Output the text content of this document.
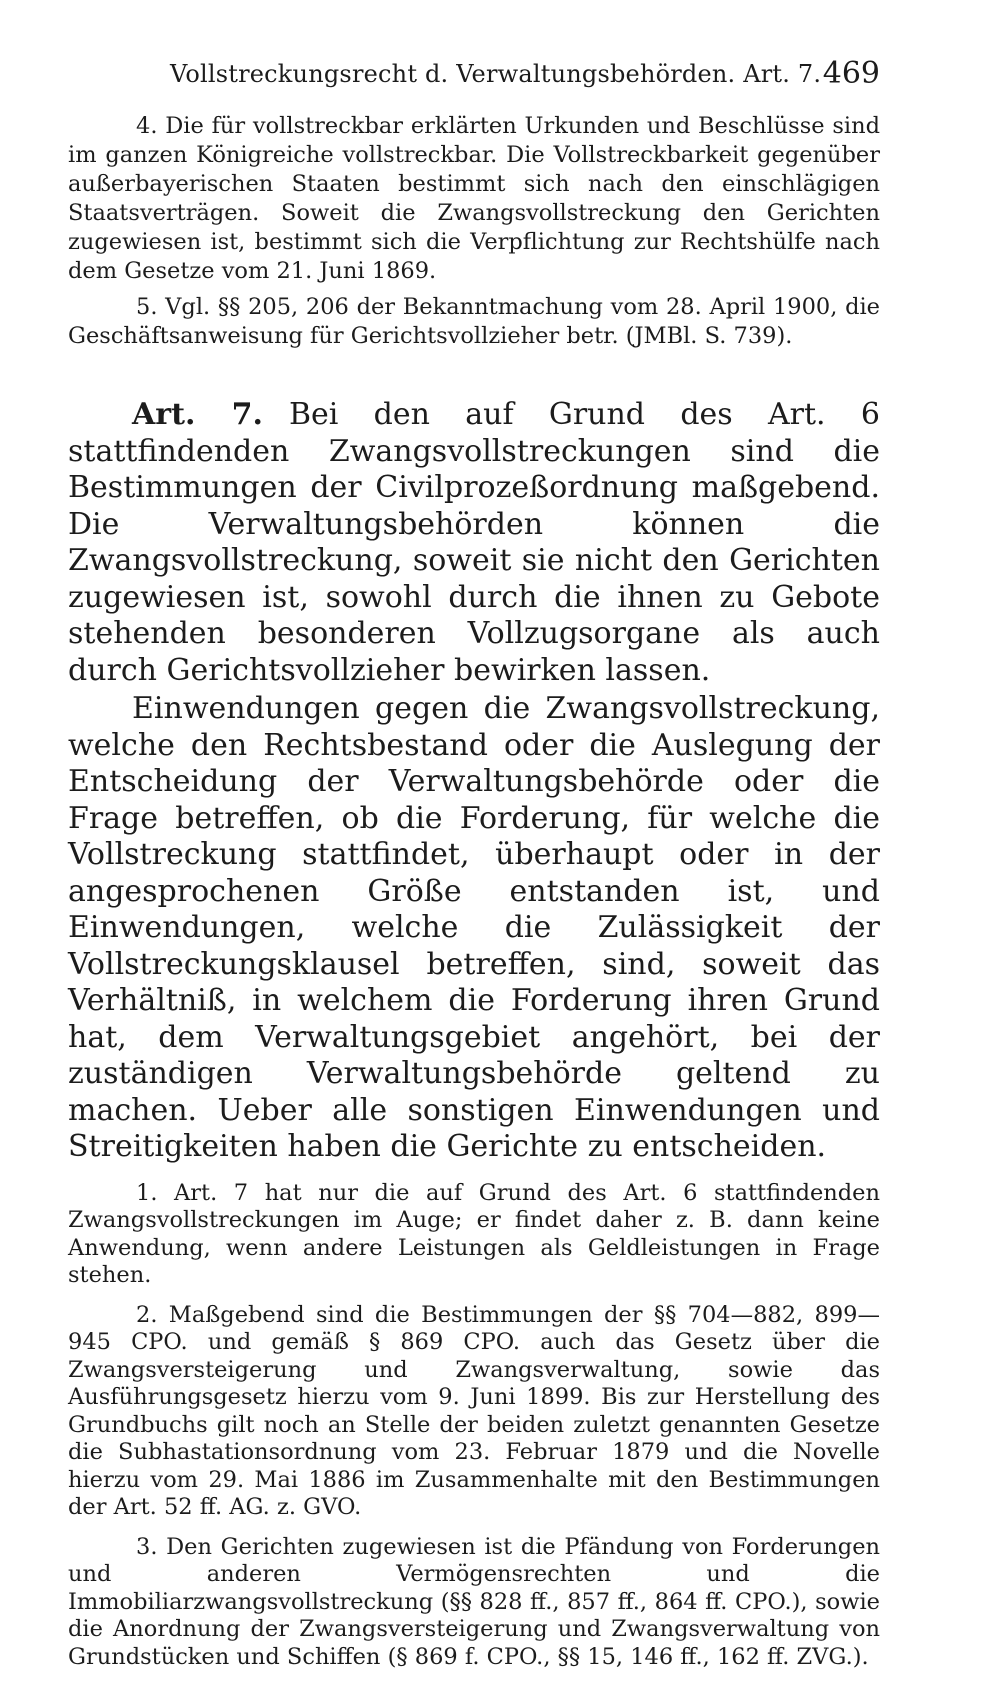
Vollstreckungsrecht d. Verwaltungsbehörden. Art. 7. 469

4. Die für vollstreckbar erklärten Urkunden und Beschlüsse sind im ganzen Königreiche vollstreckbar. Die Vollstreckbarkeit gegenüber außerbayerischen Staaten bestimmt sich nach den einschlägigen Staatsverträgen. Soweit die Zwangsvollstreckung den Gerichten zugewiesen ist, bestimmt sich die Verpflichtung zur Rechtshülfe nach dem Gesetze vom 21. Juni 1869.

5. Vgl. §§ 205, 206 der Bekanntmachung vom 28. April 1900, die Geschäftsanweisung für Gerichtsvollzieher betr. (JMBl. S. 739).

Art. 7. Bei den auf Grund des Art. 6 stattfindenden Zwangsvollstreckungen sind die Bestimmungen der Civilprozeßordnung maßgebend. Die Verwaltungsbehörden können die Zwangsvollstreckung, soweit sie nicht den Gerichten zugewiesen ist, sowohl durch die ihnen zu Gebote stehenden besonderen Vollzugsorgane als auch durch Gerichtsvollzieher bewirken lassen.

Einwendungen gegen die Zwangsvollstreckung, welche den Rechtsbestand oder die Auslegung der Entscheidung der Verwaltungsbehörde oder die Frage betreffen, ob die Forderung, für welche die Vollstreckung stattfindet, überhaupt oder in der angesprochenen Größe entstanden ist, und Einwendungen, welche die Zulässigkeit der Vollstreckungsklausel betreffen, sind, soweit das Verhältniß, in welchem die Forderung ihren Grund hat, dem Verwaltungsgebiet angehört, bei der zuständigen Verwaltungsbehörde geltend zu machen. Ueber alle sonstigen Einwendungen und Streitigkeiten haben die Gerichte zu entscheiden.

1. Art. 7 hat nur die auf Grund des Art. 6 stattfindenden Zwangsvollstreckungen im Auge; er findet daher z. B. dann keine Anwendung, wenn andere Leistungen als Geldleistungen in Frage stehen.

2. Maßgebend sind die Bestimmungen der §§ 704—882, 899—945 CPO. und gemäß § 869 CPO. auch das Gesetz über die Zwangsversteigerung und Zwangsverwaltung, sowie das Ausführungsgesetz hierzu vom 9. Juni 1899. Bis zur Herstellung des Grundbuchs gilt noch an Stelle der beiden zuletzt genannten Gesetze die Subhastationsordnung vom 23. Februar 1879 und die Novelle hierzu vom 29. Mai 1886 im Zusammenhalte mit den Bestimmungen der Art. 52 ff. AG. z. GVO.

3. Den Gerichten zugewiesen ist die Pfändung von Forderungen und anderen Vermögensrechten und die Immobiliarzwangsvollstreckung (§§ 828 ff., 857 ff., 864 ff. CPO.), sowie die Anordnung der Zwangsversteigerung und Zwangsverwaltung von Grundstücken und Schiffen (§ 869 f. CPO., §§ 15, 146 ff., 162 ff. ZVG.).
